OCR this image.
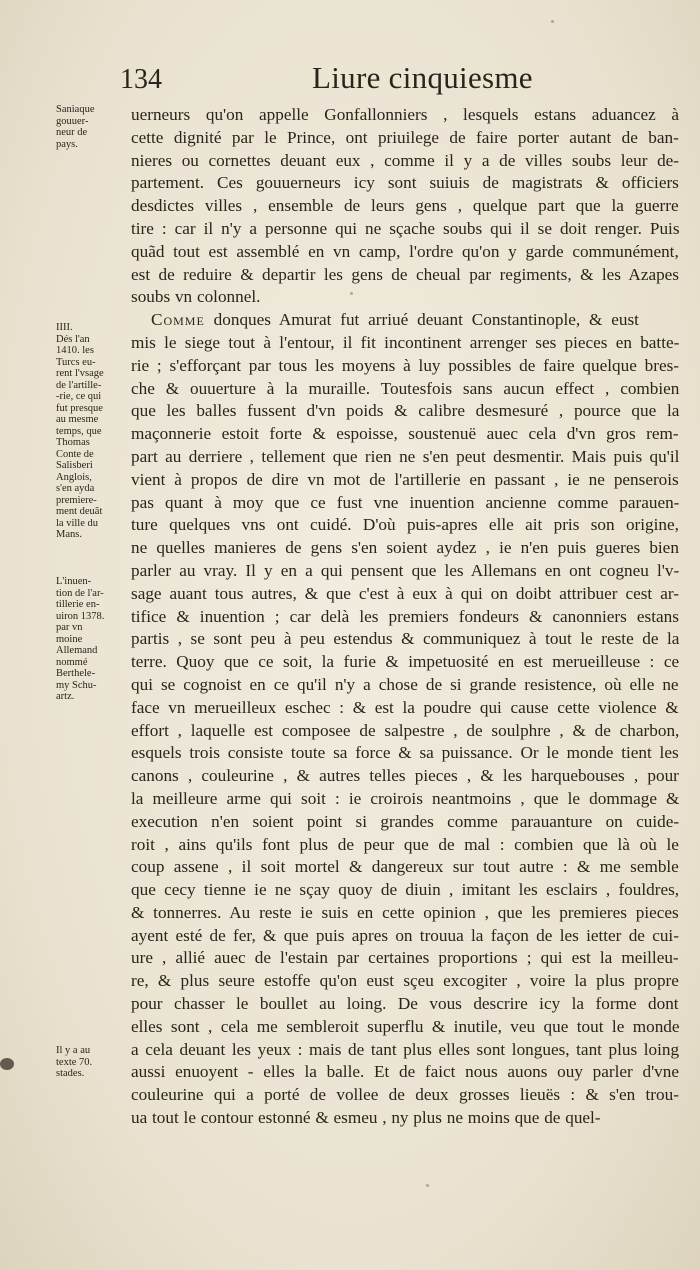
134	Liure cinquiesme
Saniaque
gouuer-
neur de
pays.
IIII.
Dés l'an
1410. les
Turcs eu-
rent l'vsage
de l'artille-
-rie, ce qui
fut presque
au mesme
temps, que
Thomas
Conte de
Salisberi
Anglois,
s'en ayda
premiere-
ment deuãt
la ville du
Mans.
L'inuen-
tion de l'ar-
tillerie en-
uiron 1378.
par vn
moine
Allemand
nommé
Berthele-
my Schu-
artz.
Il y a au
texte 70.
stades.
uerneurs qu'on appelle Gonfallonniers , lesquels estans aduancez à
cette dignité par le Prince, ont priuilege de faire porter autant de ban-
nieres ou cornettes deuant eux , comme il y a de villes soubs leur de-
partement. Ces gouuerneurs icy sont suiuis de magistrats & officiers
desdictes villes , ensemble de leurs gens , quelque part que la guerre
tire : car il n'y a personne qui ne sçache soubs qui il se doit renger. Puis
quãd tout est assemblé en vn camp, l'ordre qu'on y garde communément,
est de reduire & departir les gens de cheual par regiments, & les Azapes
soubs vn colonnel.
Comme donques Amurat fut arriué deuant Constantinople, & eust
mis le siege tout à l'entour, il fit incontinent arrenger ses pieces en batte-
rie ; s'efforçant par tous les moyens à luy possibles de faire quelque bres-
che & ouuerture à la muraille. Toutesfois sans aucun effect , combien
que les balles fussent d'vn poids & calibre desmesuré , pource que la
maçonnerie estoit forte & espoisse, soustenuë auec cela d'vn gros rem-
part au derriere , tellement que rien ne s'en peut desmentir. Mais puis qu'il
vient à propos de dire vn mot de l'artillerie en passant , ie ne penserois
pas quant à moy que ce fust vne inuention ancienne comme parauen-
ture quelques vns ont cuidé. D'où puis-apres elle ait pris son origine,
ne quelles manieres de gens s'en soient aydez , ie n'en puis gueres bien
parler au vray. Il y en a qui pensent que les Allemans en ont cogneu l'v-
sage auant tous autres, & que c'est à eux à qui on doibt attribuer cest ar-
tifice & inuention ; car delà les premiers fondeurs & canonniers estans
partis , se sont peu à peu estendus & communiquez à tout le reste de la
terre. Quoy que ce soit, la furie & impetuosité en est merueilleuse : ce
qui se cognoist en ce qu'il n'y a chose de si grande resistence, où elle ne
face vn merueilleux eschec : & est la poudre qui cause cette violence &
effort , laquelle est composee de salpestre , de soulphre , & de charbon,
esquels trois consiste toute sa force & sa puissance. Or le monde tient les
canons , couleurine , & autres telles pieces , & les harquebouses , pour
la meilleure arme qui soit : ie croirois neantmoins , que le dommage &
execution n'en soient point si grandes comme parauanture on cuide-
roit , ains qu'ils font plus de peur que de mal : combien que là où le
coup assene , il soit mortel & dangereux sur tout autre : & me semble
que cecy tienne ie ne sçay quoy de diuin , imitant les esclairs , fouldres,
& tonnerres. Au reste ie suis en cette opinion , que les premieres pieces
ayent esté de fer, & que puis apres on trouua la façon de les ietter de cui-
ure , allié auec de l'estain par certaines proportions ; qui est la meilleu-
re, & plus seure estoffe qu'on eust sçeu excogiter , voire la plus propre
pour chasser le boullet au loing. De vous descrire icy la forme dont
elles sont , cela me sembleroit superflu & inutile, veu que tout le monde
a cela deuant les yeux : mais de tant plus elles sont longues, tant plus loing
aussi enuoyent - elles la balle. Et de faict nous auons ouy parler d'vne
couleurine qui a porté de vollee de deux grosses lieuës : & s'en trou-
ua tout le contour estonné & esmeu , ny plus ne moins que de quel-
